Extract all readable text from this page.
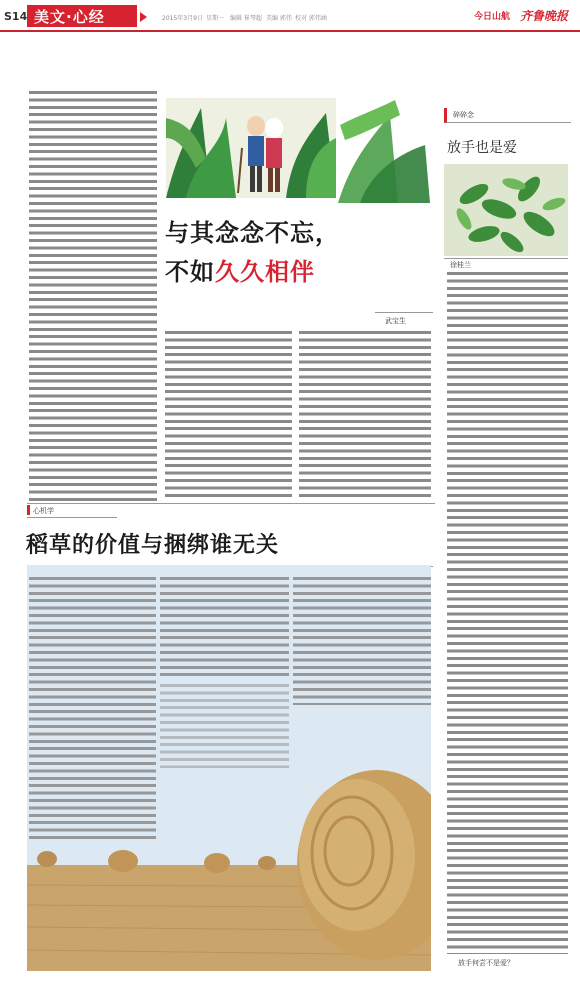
S14 美文·心经	2015年3月9日 星期一 编辑 崔琴超 美编 郭伟 校对 郭伟涵	今日山航 齐鲁晚报
与其念念不忘，
不如久久相伴
武宝生
碎碎念
放手也是爱
徐桂兰
放手何尝不是爱？
心机学
稻草的价值与捆绑谁无关
